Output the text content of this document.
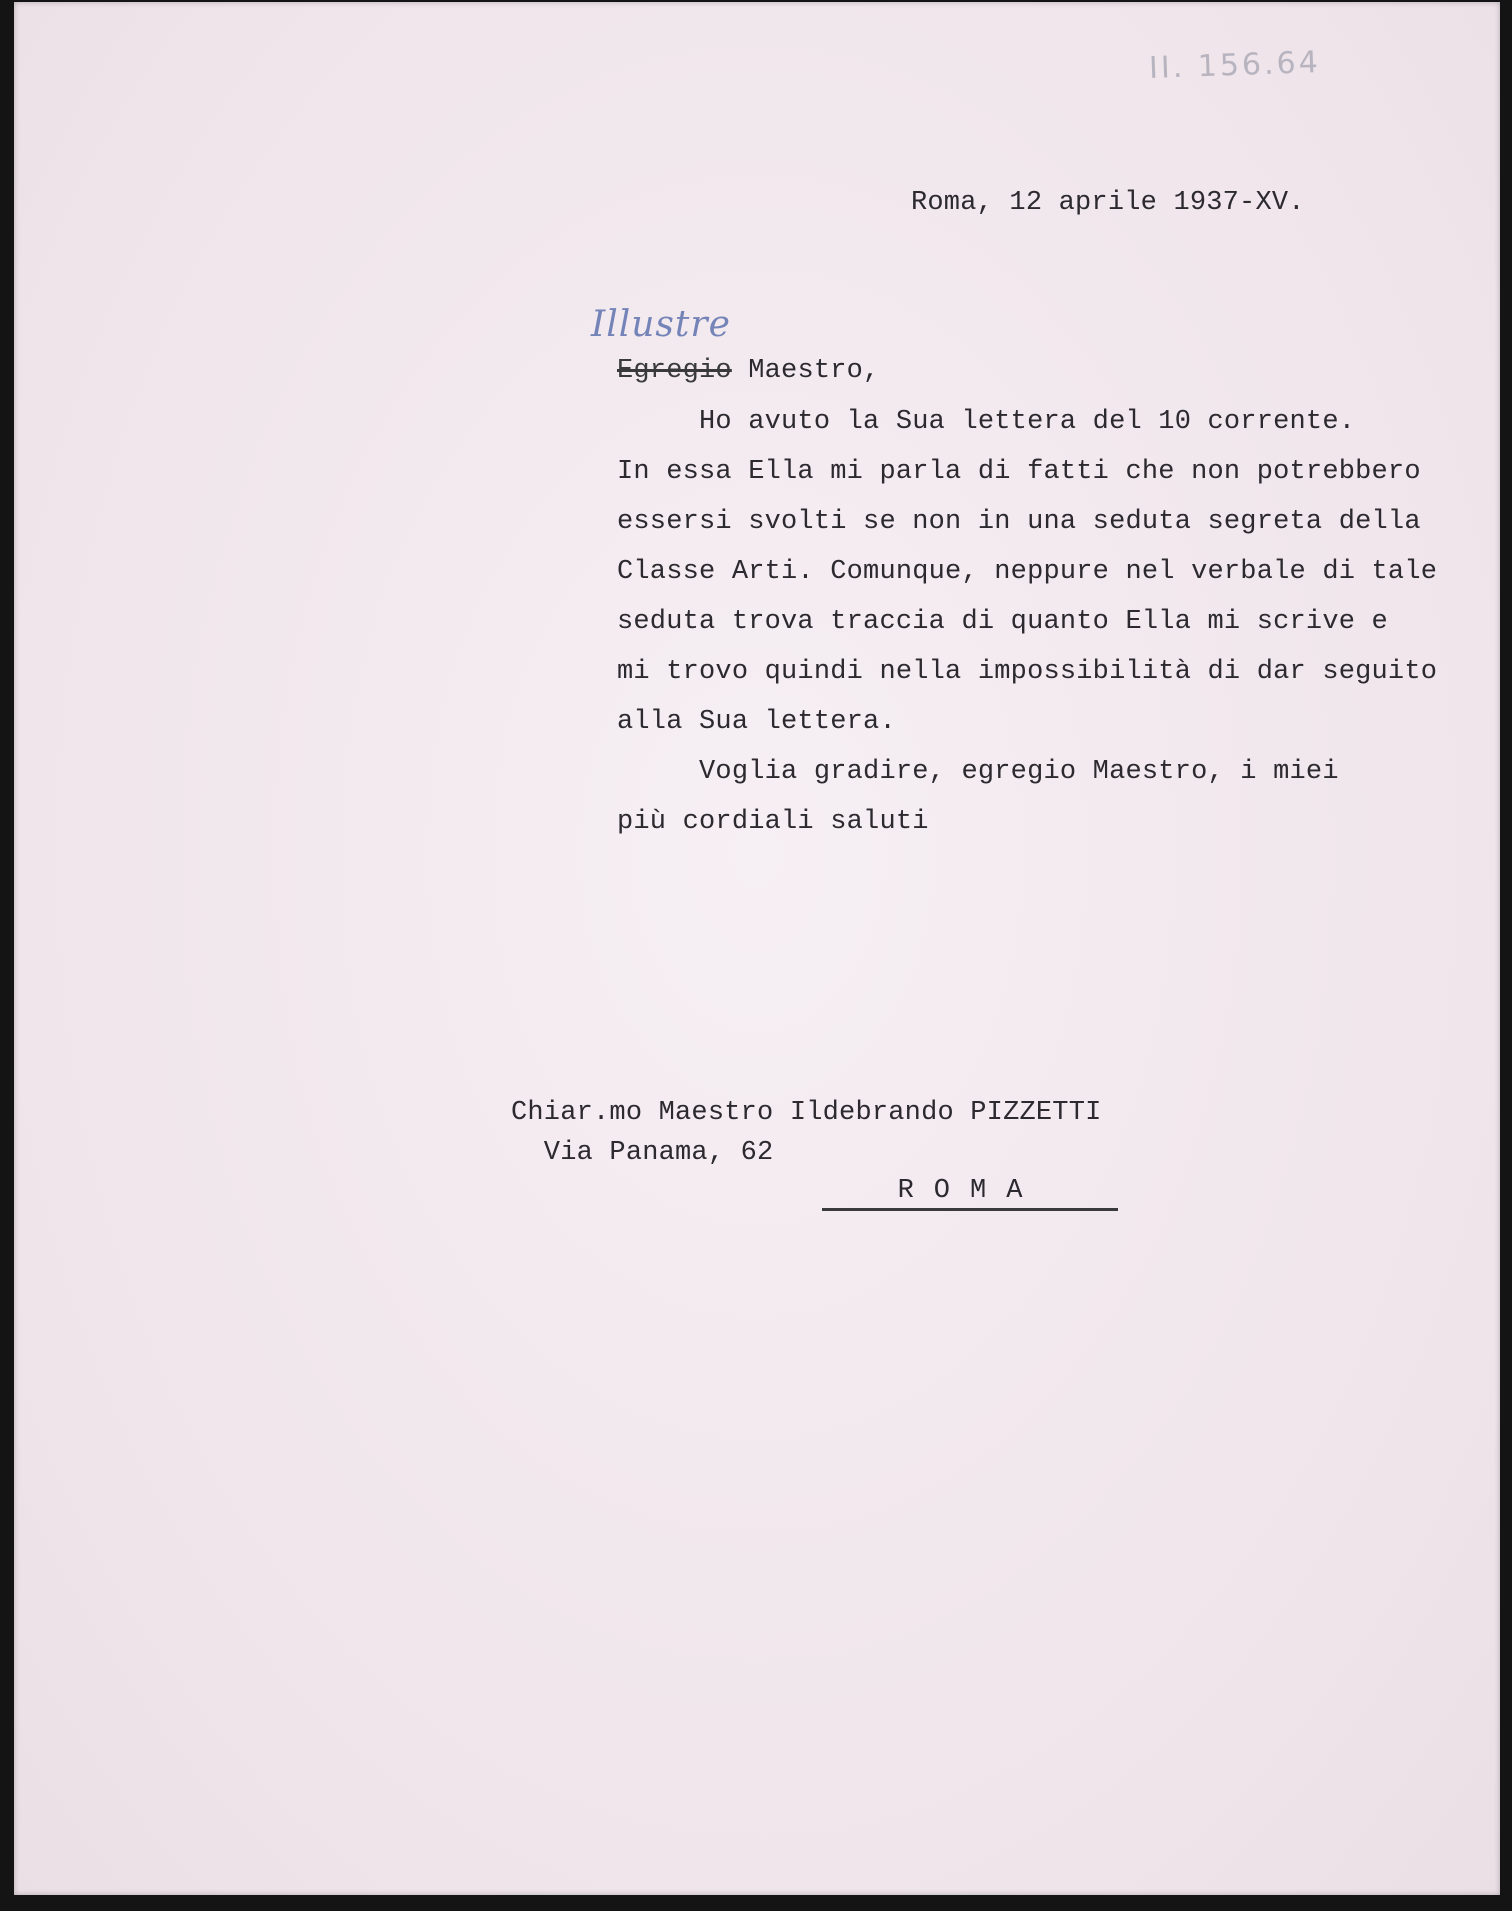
II. 156.64
Roma, 12 aprile 1937-XV.
Illustre
Egregio Maestro,
Ho avuto la Sua lettera del 10 corrente.
In essa Ella mi parla di fatti che non potrebbero
essersi svolti se non in una seduta segreta della
Classe Arti. Comunque, neppure nel verbale di tale
seduta trova traccia di quanto Ella mi scrive e
mi trovo quindi nella impossibilità di dar seguito
alla Sua lettera.
Voglia gradire, egregio Maestro, i miei
più cordiali saluti
Chiar.mo Maestro Ildebrando PIZZETTI
Via Panama, 62
ROMA
